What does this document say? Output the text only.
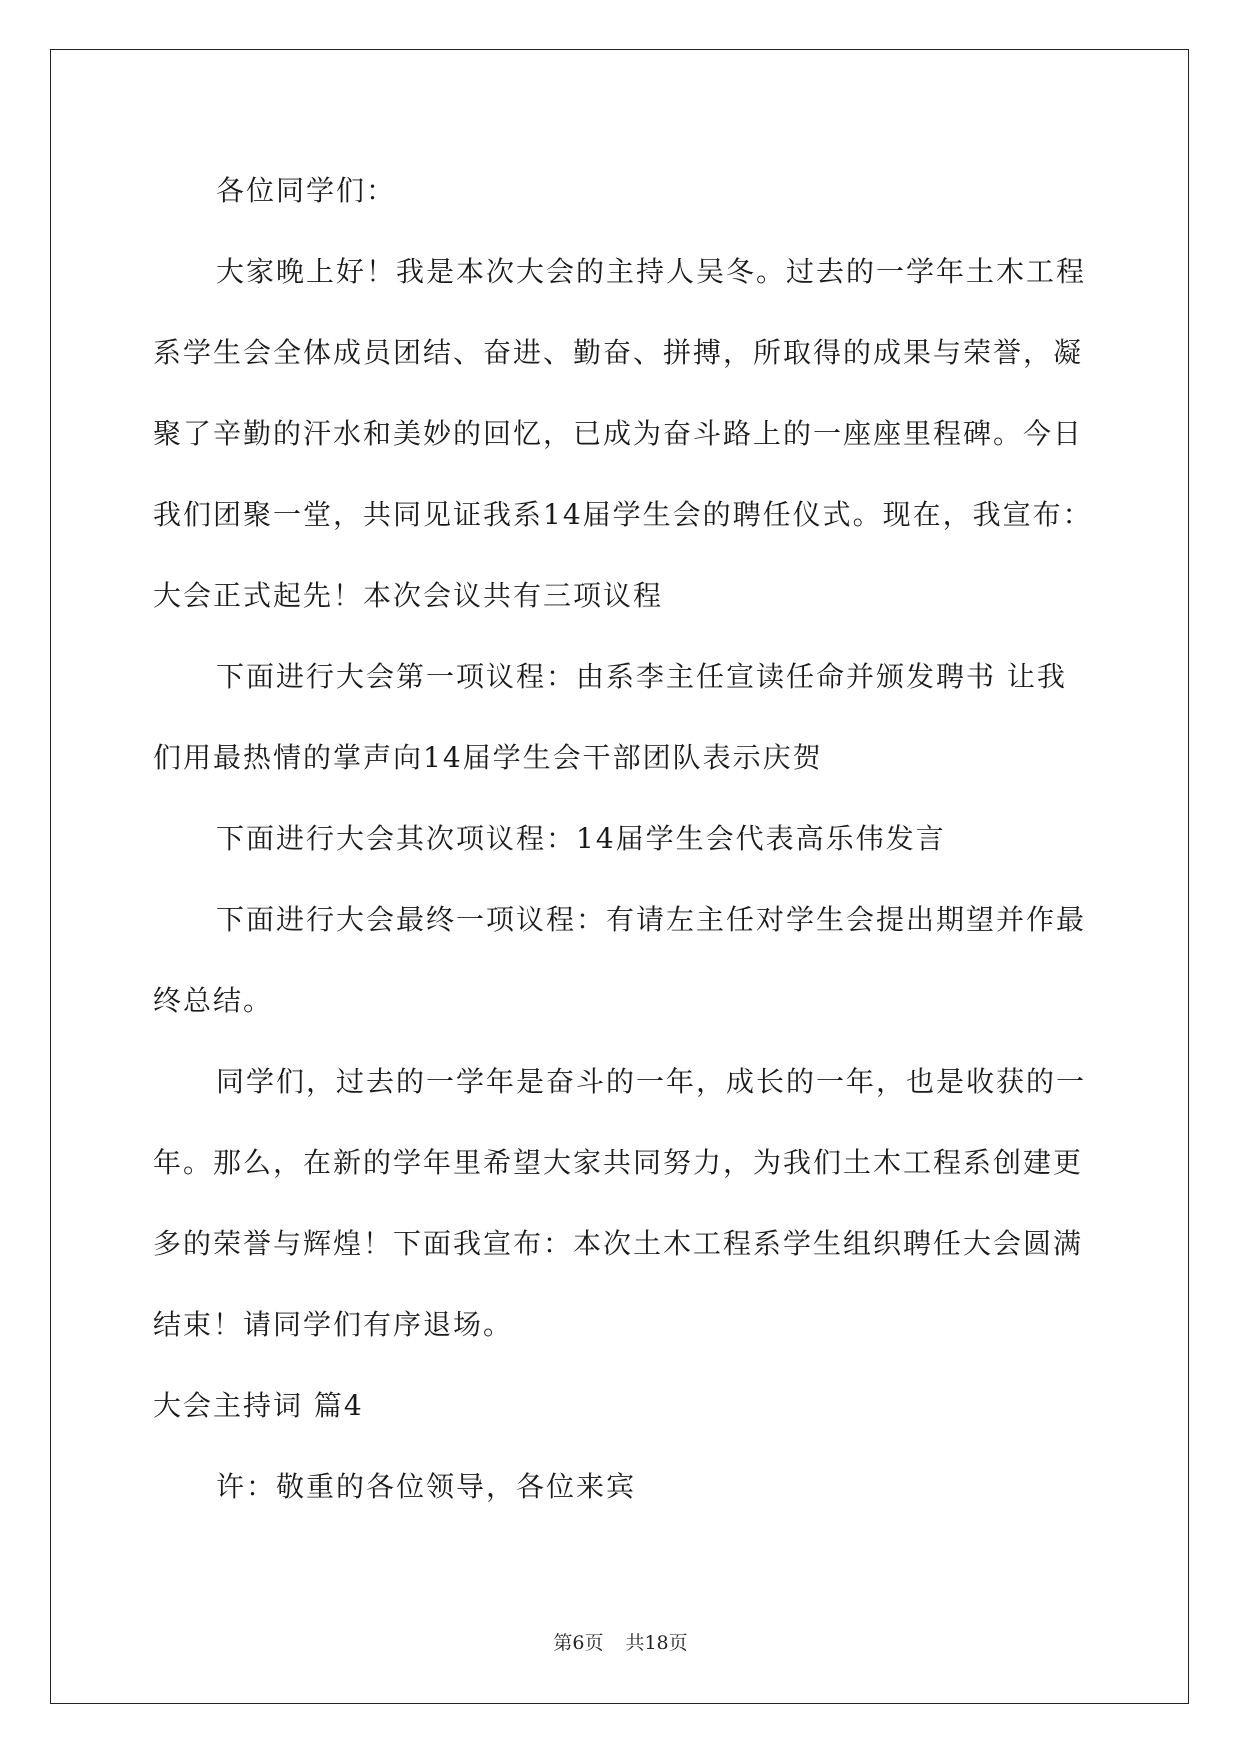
各位同学们：

大家晚上好！我是本次大会的主持人吴冬。过去的一学年土木工程系学生会全体成员团结、奋进、勤奋、拼搏，所取得的成果与荣誉，凝聚了辛勤的汗水和美妙的回忆，已成为奋斗路上的一座座里程碑。今日我们团聚一堂，共同见证我系14届学生会的聘任仪式。现在，我宣布：大会正式起先！本次会议共有三项议程

下面进行大会第一项议程：由系李主任宣读任命并颁发聘书 让我们用最热情的掌声向14届学生会干部团队表示庆贺

下面进行大会其次项议程：14届学生会代表高乐伟发言

下面进行大会最终一项议程：有请左主任对学生会提出期望并作最终总结。

同学们，过去的一学年是奋斗的一年，成长的一年，也是收获的一年。那么，在新的学年里希望大家共同努力，为我们土木工程系创建更多的荣誉与辉煌！下面我宣布：本次土木工程系学生组织聘任大会圆满结束！请同学们有序退场。

大会主持词 篇4

许：敬重的各位领导，各位来宾

第6页 共18页
